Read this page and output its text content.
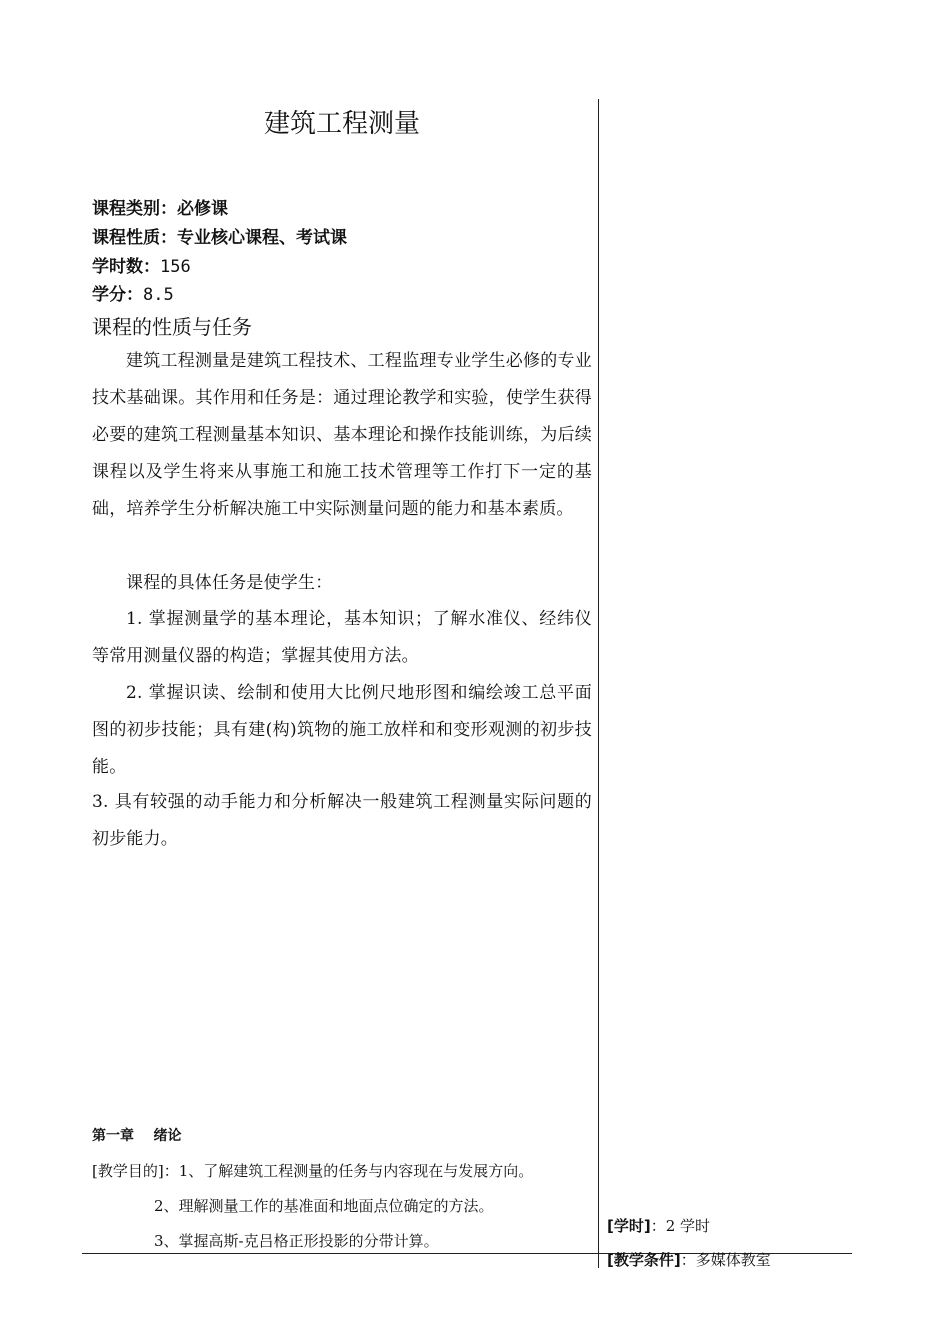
建筑工程测量
课程类别：必修课
课程性质：专业核心课程、考试课
学时数：156
学分：8.5
课程的性质与任务
建筑工程测量是建筑工程技术、工程监理专业学生必修的专业技术基础课。其作用和任务是：通过理论教学和实验，使学生获得必要的建筑工程测量基本知识、基本理论和操作技能训练，为后续课程以及学生将来从事施工和施工技术管理等工作打下一定的基础，培养学生分析解决施工中实际测量问题的能力和基本素质。
课程的具体任务是使学生：
1. 掌握测量学的基本理论，基本知识；了解水准仪、经纬仪等常用测量仪器的构造；掌握其使用方法。
2. 掌握识读、绘制和使用大比例尺地形图和编绘竣工总平面图的初步技能；具有建(构)筑物的施工放样和和变形观测的初步技能。
3. 具有较强的动手能力和分析解决一般建筑工程测量实际问题的初步能力。
第一章    绪论
[教学目的]：1、了解建筑工程测量的任务与内容现在与发展方向。
2、理解测量工作的基准面和地面点位确定的方法。
3、掌握高斯-克吕格正形投影的分带计算。
[学时]：2 学时
[教学条件]：多媒体教室
